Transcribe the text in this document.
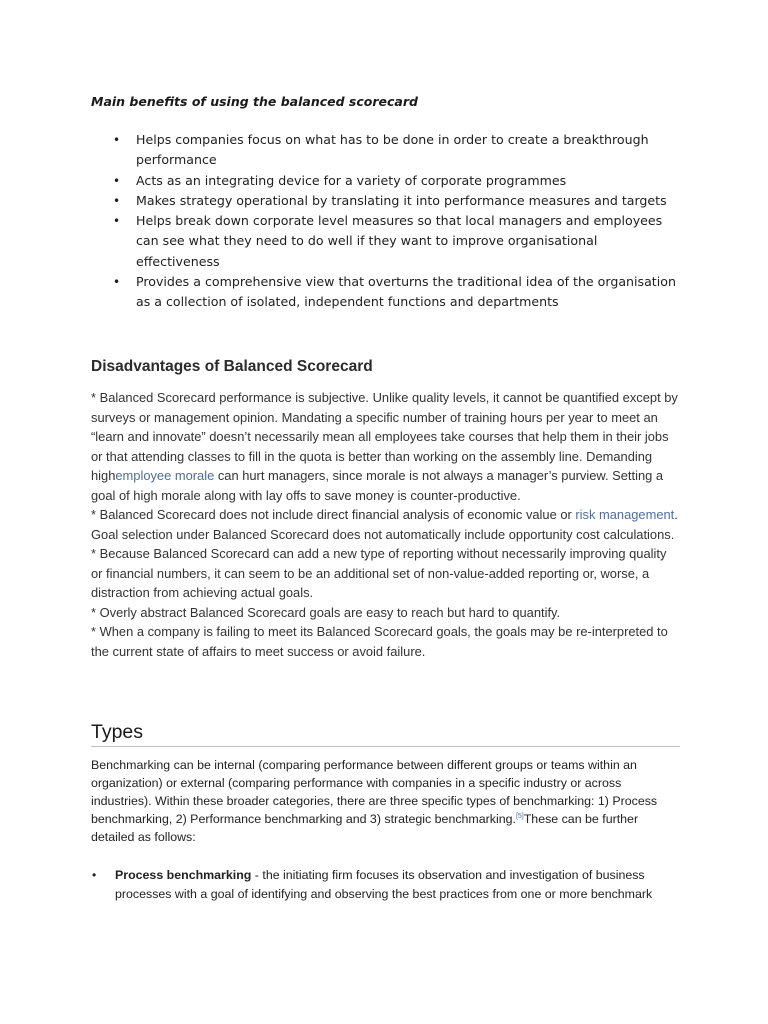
Main benefits of using the balanced scorecard
• Helps companies focus on what has to be done in order to create a breakthrough performance
• Acts as an integrating device for a variety of corporate programmes
• Makes strategy operational by translating it into performance measures and targets
• Helps break down corporate level measures so that local managers and employees can see what they need to do well if they want to improve organisational effectiveness
• Provides a comprehensive view that overturns the traditional idea of the organisation as a collection of isolated, independent functions and departments
Disadvantages of Balanced Scorecard

* Balanced Scorecard performance is subjective. Unlike quality levels, it cannot be quantified except by surveys or management opinion. Mandating a specific number of training hours per year to meet an “learn and innovate” doesn’t necessarily mean all employees take courses that help them in their jobs or that attending classes to fill in the quota is better than working on the assembly line. Demanding highemployee morale can hurt managers, since morale is not always a manager’s purview. Setting a goal of high morale along with lay offs to save money is counter-productive.

* Balanced Scorecard does not include direct financial analysis of economic value or risk management. Goal selection under Balanced Scorecard does not automatically include opportunity cost calculations.

* Because Balanced Scorecard can add a new type of reporting without necessarily improving quality or financial numbers, it can seem to be an additional set of non-value-added reporting or, worse, a distraction from achieving actual goals.

* Overly abstract Balanced Scorecard goals are easy to reach but hard to quantify.

* When a company is failing to meet its Balanced Scorecard goals, the goals may be re-interpreted to the current state of affairs to meet success or avoid failure.

Types

Benchmarking can be internal (comparing performance between different groups or teams within an organization) or external (comparing performance with companies in a specific industry or across industries). Within these broader categories, there are three specific types of benchmarking: 1) Process benchmarking, 2) Performance benchmarking and 3) strategic benchmarking.[5]These can be further detailed as follows:

• Process benchmarking - the initiating firm focuses its observation and investigation of business processes with a goal of identifying and observing the best practices from one or more benchmark
